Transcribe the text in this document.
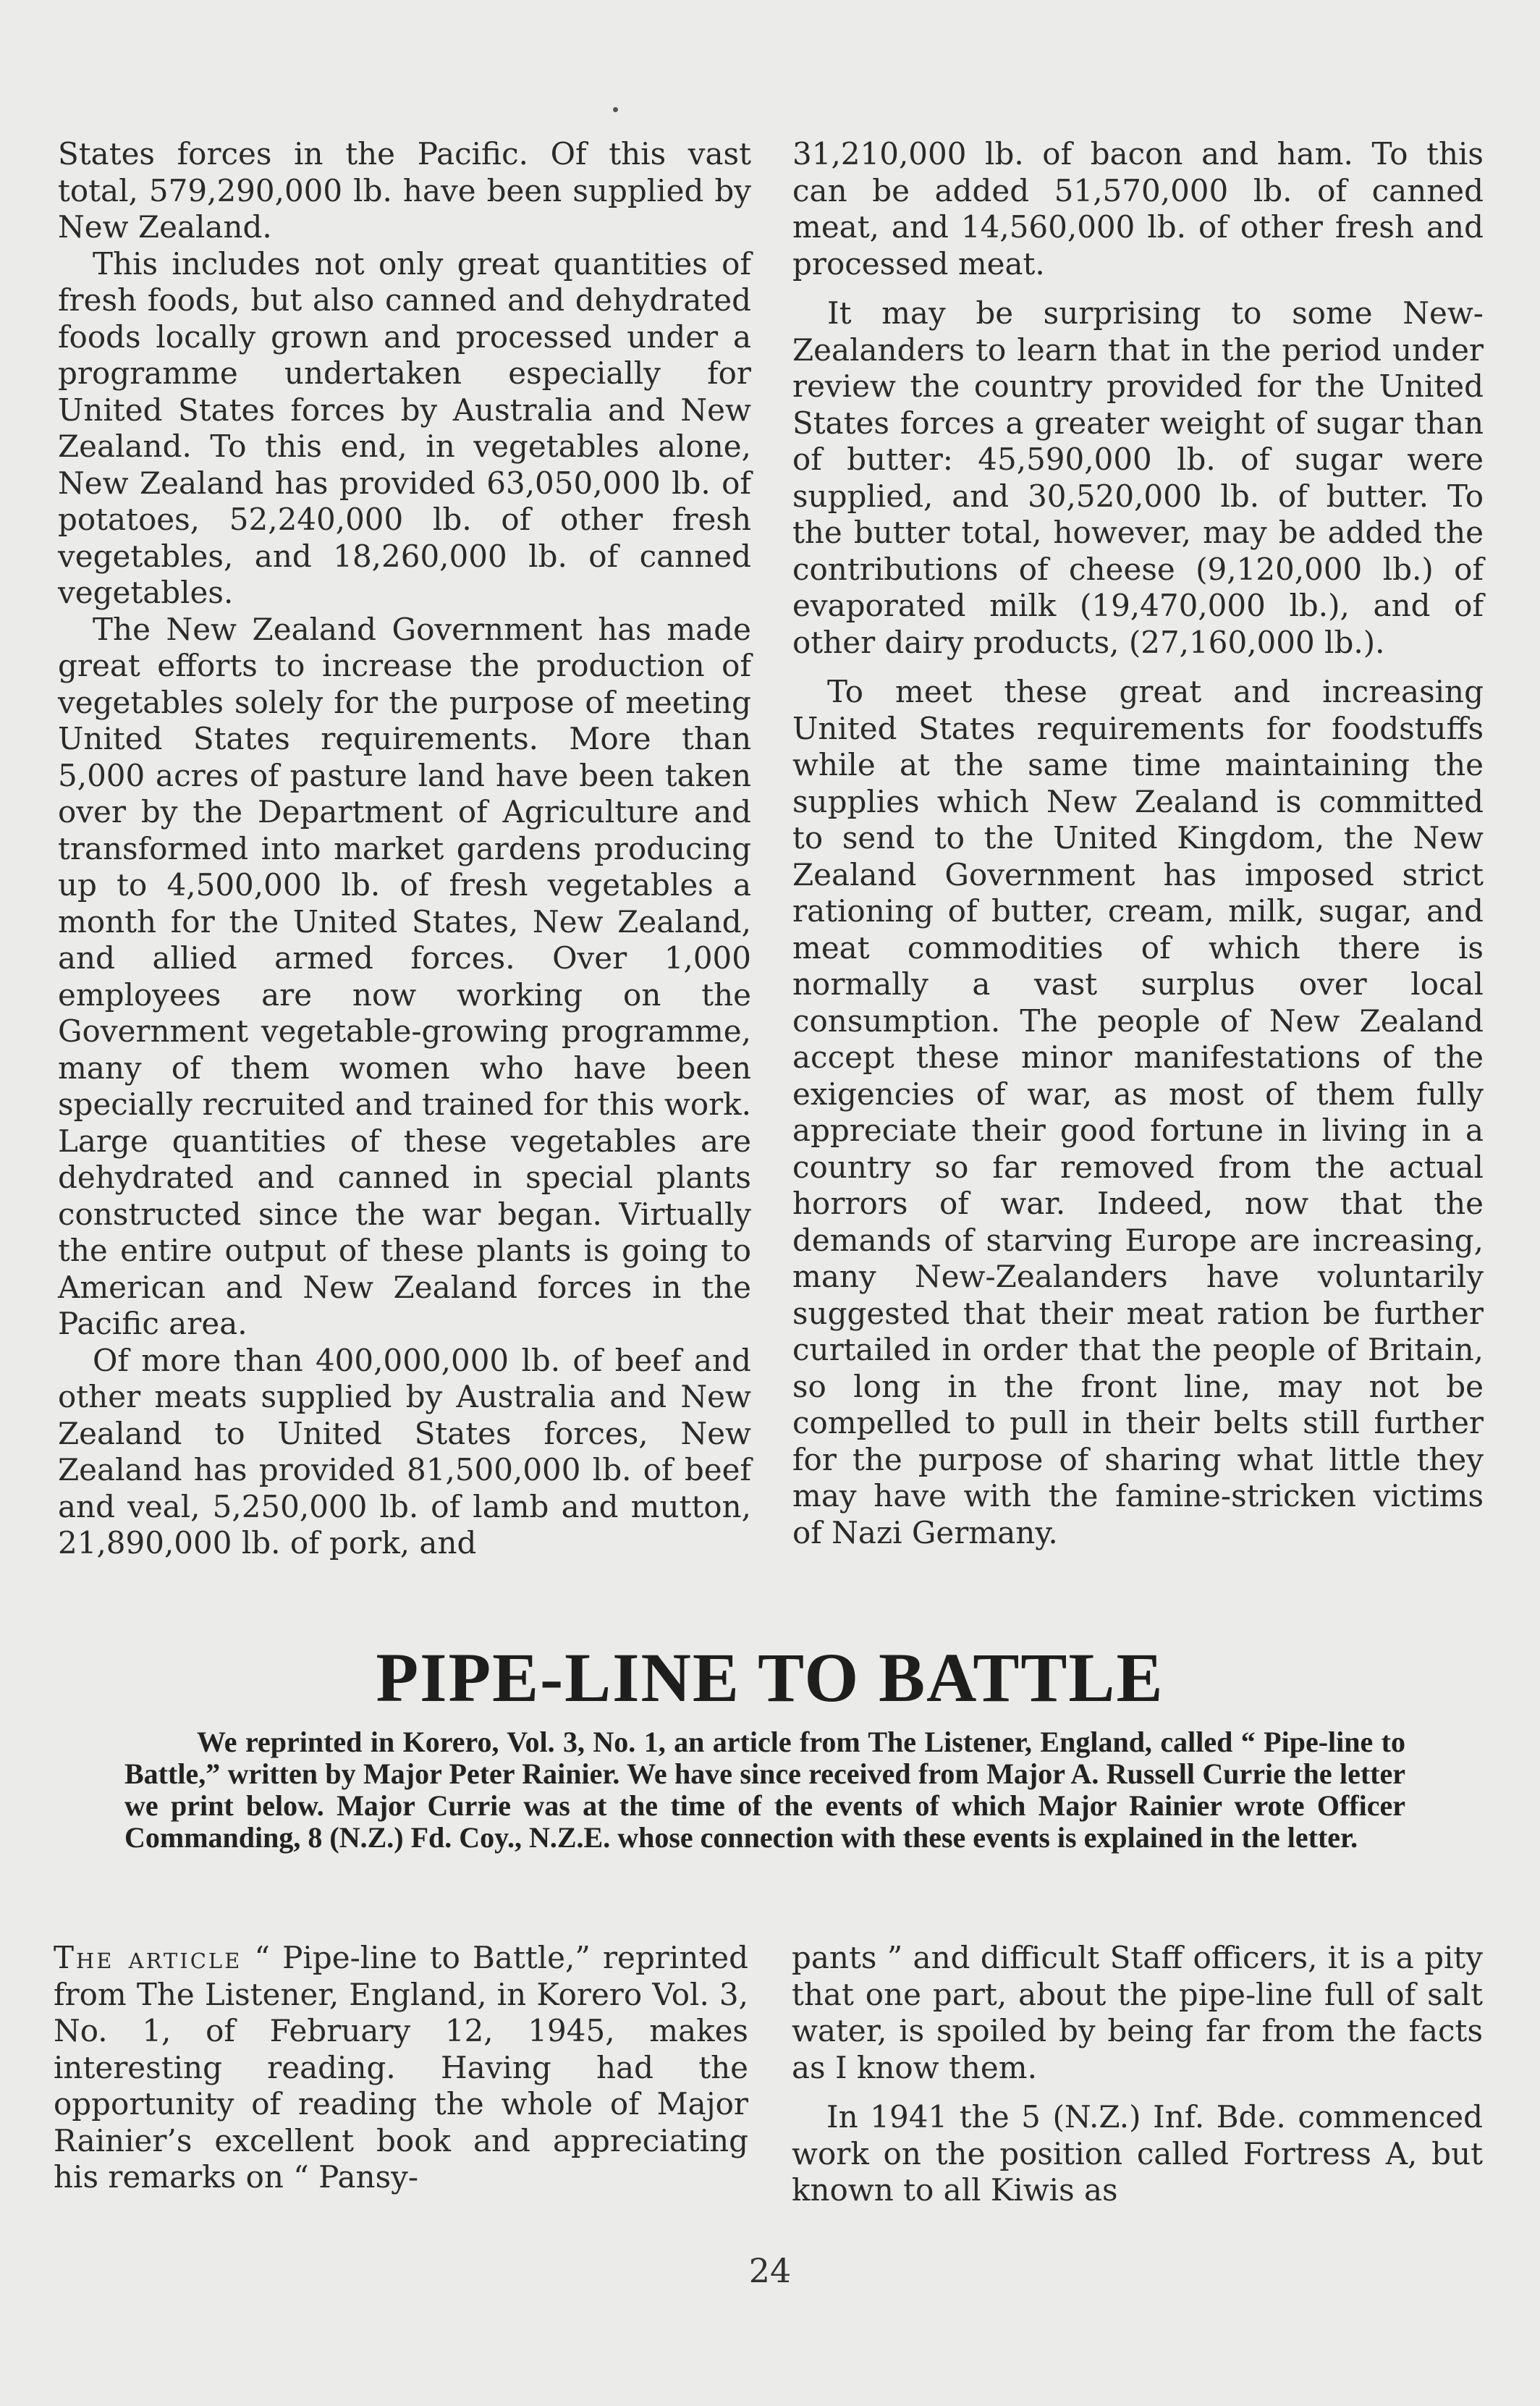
States forces in the Pacific. Of this vast total, 579,290,000 lb. have been supplied by New Zealand.

This includes not only great quantities of fresh foods, but also canned and dehydrated foods locally grown and processed under a programme undertaken especially for United States forces by Australia and New Zealand. To this end, in vegetables alone, New Zealand has provided 63,050,000 lb. of potatoes, 52,240,000 lb. of other fresh vegetables, and 18,260,000 lb. of canned vegetables.

The New Zealand Government has made great efforts to increase the production of vegetables solely for the purpose of meeting United States requirements. More than 5,000 acres of pasture land have been taken over by the Department of Agriculture and transformed into market gardens producing up to 4,500,000 lb. of fresh vegetables a month for the United States, New Zealand, and allied armed forces. Over 1,000 employees are now working on the Government vegetable-growing programme, many of them women who have been specially recruited and trained for this work. Large quantities of these vegetables are dehydrated and canned in special plants constructed since the war began. Virtually the entire output of these plants is going to American and New Zealand forces in the Pacific area.

Of more than 400,000,000 lb. of beef and other meats supplied by Australia and New Zealand to United States forces, New Zealand has provided 81,500,000 lb. of beef and veal, 5,250,000 lb. of lamb and mutton, 21,890,000 lb. of pork, and

31,210,000 lb. of bacon and ham. To this can be added 51,570,000 lb. of canned meat, and 14,560,000 lb. of other fresh and processed meat.

It may be surprising to some New-Zealanders to learn that in the period under review the country provided for the United States forces a greater weight of sugar than of butter: 45,590,000 lb. of sugar were supplied, and 30,520,000 lb. of butter. To the butter total, however, may be added the contributions of cheese (9,120,000 lb.) of evaporated milk (19,470,000 lb.), and of other dairy products, (27,160,000 lb.).

To meet these great and increasing United States requirements for foodstuffs while at the same time maintaining the supplies which New Zealand is committed to send to the United Kingdom, the New Zealand Government has imposed strict rationing of butter, cream, milk, sugar, and meat commodities of which there is normally a vast surplus over local consumption. The people of New Zealand accept these minor manifestations of the exigencies of war, as most of them fully appreciate their good fortune in living in a country so far removed from the actual horrors of war. Indeed, now that the demands of starving Europe are increasing, many New-Zealanders have voluntarily suggested that their meat ration be further curtailed in order that the people of Britain, so long in the front line, may not be compelled to pull in their belts still further for the purpose of sharing what little they may have with the famine-stricken victims of Nazi Germany.

PIPE-LINE TO BATTLE

We reprinted in Korero, Vol. 3, No. 1, an article from The Listener, England, called “ Pipe-line to Battle,” written by Major Peter Rainier. We have since received from Major A. Russell Currie the letter we print below. Major Currie was at the time of the events of which Major Rainier wrote Officer Commanding, 8 (N.Z.) Fd. Coy., N.Z.E. whose connection with these events is explained in the letter.

The article “ Pipe-line to Battle,” reprinted from The Listener, England, in Korero Vol. 3, No. 1, of February 12, 1945, makes interesting reading. Having had the opportunity of reading the whole of Major Rainier’s excellent book and appreciating his remarks on “ Pansy-

pants ” and difficult Staff officers, it is a pity that one part, about the pipe-line full of salt water, is spoiled by being far from the facts as I know them.

In 1941 the 5 (N.Z.) Inf. Bde. commenced work on the position called Fortress A, but known to all Kiwis as

24
